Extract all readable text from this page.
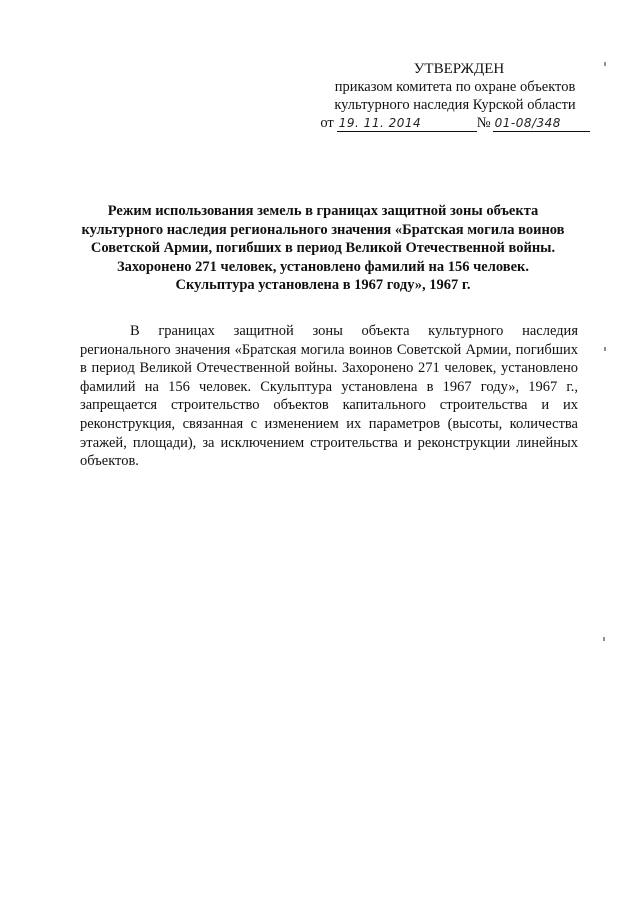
УТВЕРЖДЕН
приказом комитета по охране объектов
культурного наследия Курской области
от 19. 11. 2014	№ 01-08/348
Режим использования земель в границах защитной зоны объекта культурного наследия регионального значения «Братская могила воинов Советской Армии, погибших в период Великой Отечественной войны. Захоронено 271 человек, установлено фамилий на 156 человек. Скульптура установлена в 1967 году», 1967 г.

В границах защитной зоны объекта культурного наследия регионального значения «Братская могила воинов Советской Армии, погибших в период Великой Отечественной войны. Захоронено 271 человек, установлено фамилий на 156 человек. Скульптура установлена в 1967 году», 1967 г., запрещается строительство объектов капитального строительства и их реконструкция, связанная с изменением их параметров (высоты, количества этажей, площади), за исключением строительства и реконструкции линейных объектов.
